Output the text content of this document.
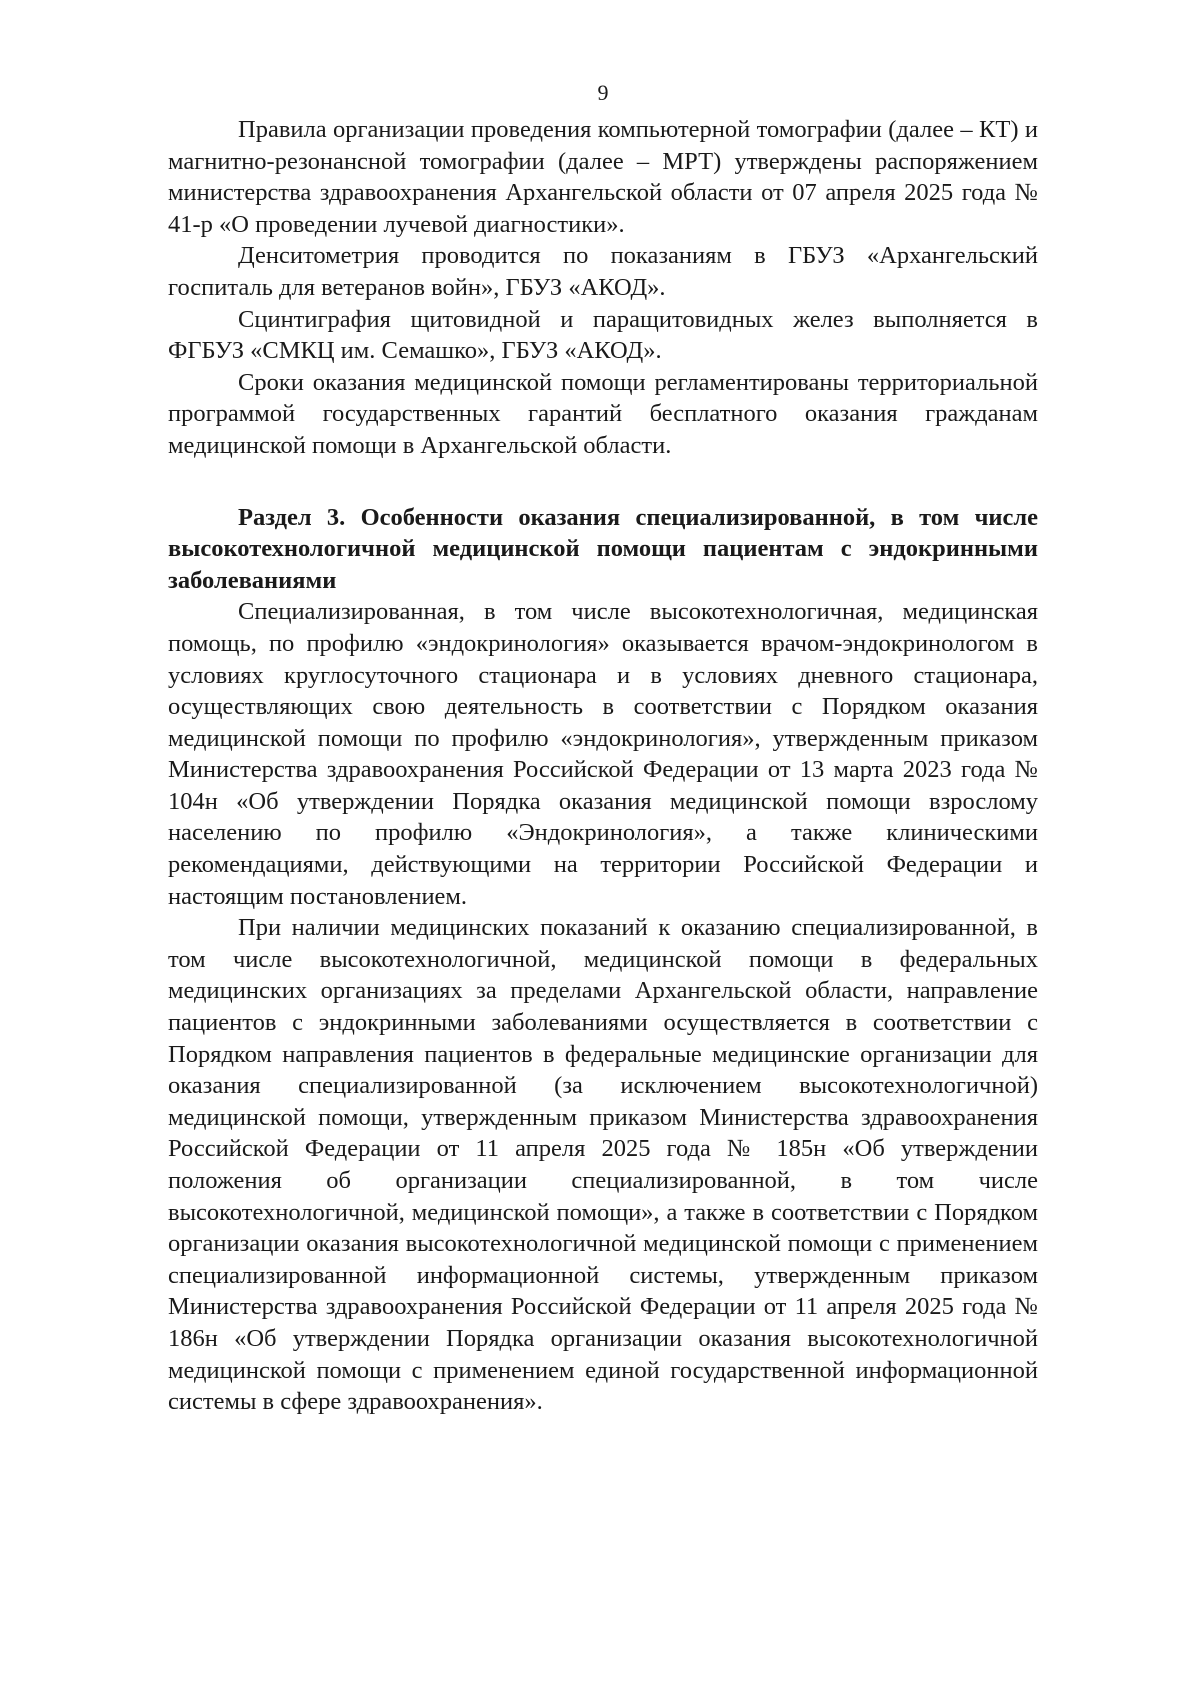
9

Правила организации проведения компьютерной томографии (далее – КТ) и магнитно-резонансной томографии (далее – МРТ) утверждены распоряжением министерства здравоохранения Архангельской области от 07 апреля 2025 года № 41-р «О проведении лучевой диагностики».

Денситометрия проводится по показаниям в ГБУЗ «Архангельский госпиталь для ветеранов войн», ГБУЗ «АКОД».

Сцинтиграфия щитовидной и паращитовидных желез выполняется в ФГБУЗ «СМКЦ им. Семашко», ГБУЗ «АКОД».

Сроки оказания медицинской помощи регламентированы территориальной программой государственных гарантий бесплатного оказания гражданам медицинской помощи в Архангельской области.

Раздел 3. Особенности оказания специализированной, в том числе высокотехнологичной медицинской помощи пациентам с эндокринными заболеваниями

Специализированная, в том числе высокотехнологичная, медицинская помощь, по профилю «эндокринология» оказывается врачом-эндокринологом в условиях круглосуточного стационара и в условиях дневного стационара, осуществляющих свою деятельность в соответствии с Порядком оказания медицинской помощи по профилю «эндокринология», утвержденным приказом Министерства здравоохранения Российской Федерации от 13 марта 2023 года № 104н «Об утверждении Порядка оказания медицинской помощи взрослому населению по профилю «Эндокринология», а также клиническими рекомендациями, действующими на территории Российской Федерации и настоящим постановлением.

При наличии медицинских показаний к оказанию специализированной, в том числе высокотехнологичной, медицинской помощи в федеральных медицинских организациях за пределами Архангельской области, направление пациентов с эндокринными заболеваниями осуществляется в соответствии с Порядком направления пациентов в федеральные медицинские организации для оказания специализированной (за исключением высокотехнологичной) медицинской помощи, утвержденным приказом Министерства здравоохранения Российской Федерации от 11 апреля 2025 года № 185н «Об утверждении положения об организации специализированной, в том числе высокотехнологичной, медицинской помощи», а также в соответствии с Порядком организации оказания высокотехнологичной медицинской помощи с применением специализированной информационной системы, утвержденным приказом Министерства здравоохранения Российской Федерации от 11 апреля 2025 года № 186н «Об утверждении Порядка организации оказания высокотехнологичной медицинской помощи с применением единой государственной информационной системы в сфере здравоохранения».
